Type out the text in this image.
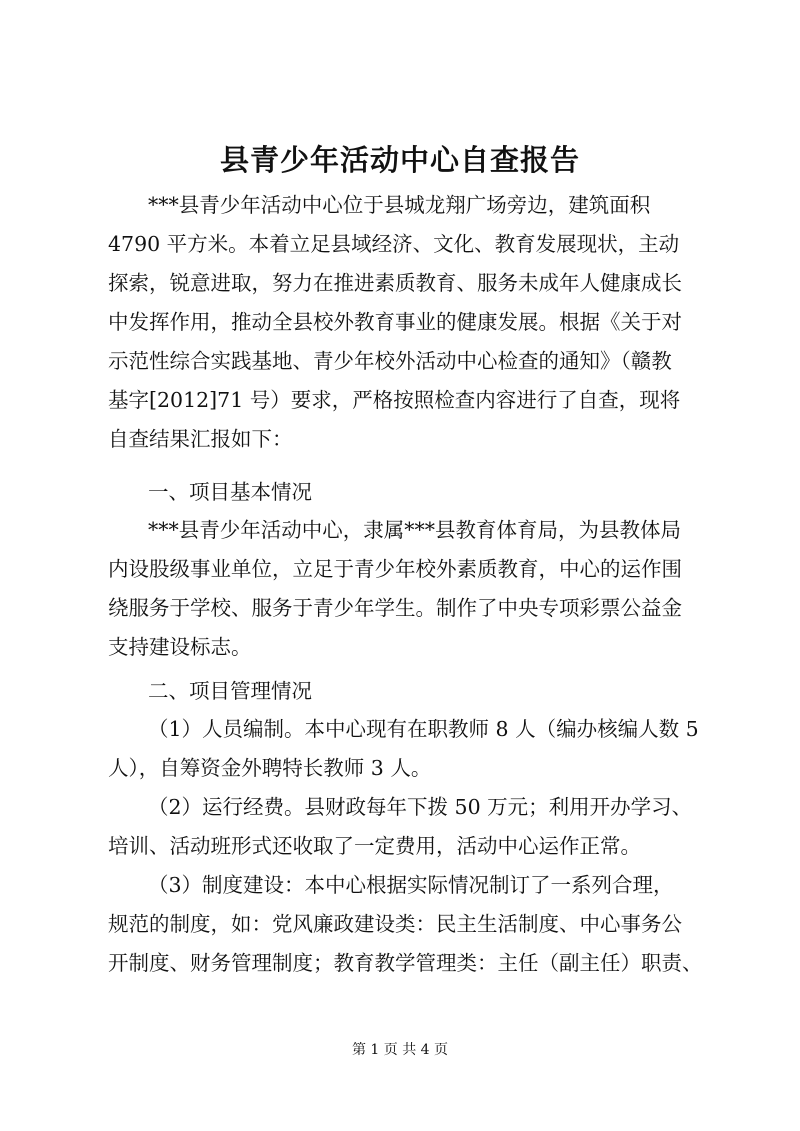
县青少年活动中心自查报告
***县青少年活动中心位于县城龙翔广场旁边，建筑面积
4790 平方米。本着立足县域经济、文化、教育发展现状，主动
探索，锐意进取，努力在推进素质教育、服务未成年人健康成长
中发挥作用，推动全县校外教育事业的健康发展。根据《关于对
示范性综合实践基地、青少年校外活动中心检查的通知》（赣教
基字[2012]71 号）要求，严格按照检查内容进行了自查，现将
自查结果汇报如下：
一、项目基本情况
***县青少年活动中心，隶属***县教育体育局，为县教体局
内设股级事业单位，立足于青少年校外素质教育，中心的运作围
绕服务于学校、服务于青少年学生。制作了中央专项彩票公益金
支持建设标志。
二、项目管理情况
（1）人员编制。本中心现有在职教师 8 人（编办核编人数 5
人），自筹资金外聘特长教师 3 人。
（2）运行经费。县财政每年下拨 50 万元；利用开办学习、
培训、活动班形式还收取了一定费用，活动中心运作正常。
（3）制度建设：本中心根据实际情况制订了一系列合理，
规范的制度，如：党风廉政建设类：民主生活制度、中心事务公
开制度、财务管理制度；教育教学管理类：主任（副主任）职责、
第 1 页 共 4 页
